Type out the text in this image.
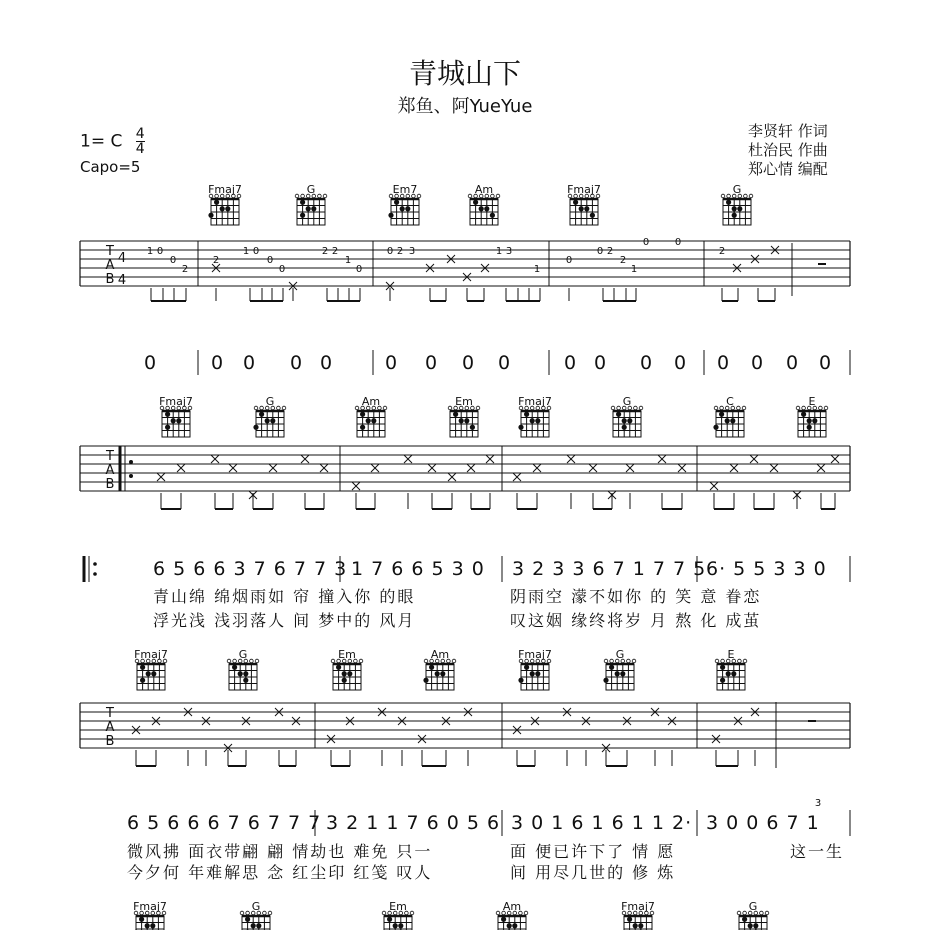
青城山下
郑鱼、阿YueYue
1= C $\frac{4}{4}$
Capo=5
李贤轩 作词
杜治民 作曲
郑心情 编配
Fmaj7	G	Em7	Am	Fmaj7	G
T
A
B
4
4
1 0
0
2
2
1 0
0
0
2 2
1
0
0 2 3	1 3
1
0
0 2
2
1
0	0
2
0	0 0 0 0	0 0 0 0	0 0 0 0 0 0 0 0
Fmaj7	G	Am	Em	Fmaj7	G	C	E
T
A
B
Fmaj7	G	Em	Am	Fmaj7	G	E
T
A
B
Fmaj7	G	Em	Am	Fmaj7	G
3
6 5 6 6 3 7 6 7 7 3 1 7 6 6 5 3 0 3 2 3 3 6 7 1 7 7 5 6· 5 5 3 3 0
青山绵 绵烟雨如 帘 撞入你 的眼	阴雨空 濛不如你 的 笑 意 眷恋
浮光浅 浅羽落人 间 梦中的 风月	叹这姻 缘终将岁 月 熬 化 成茧
6 5 6 6 6 7 6 7 7 7 3 2 1 1 7 6 0 5 6 3 0 1 6 1 6 1 1 2· 3 0 0 6 7 1
微风拂 面衣带翩 翩 情劫也 难免 只一	面 便已许下了 情 愿	这一生
今夕何 年难解思 念 红尘印 红笺 叹人	间 用尽几世的 修 炼
